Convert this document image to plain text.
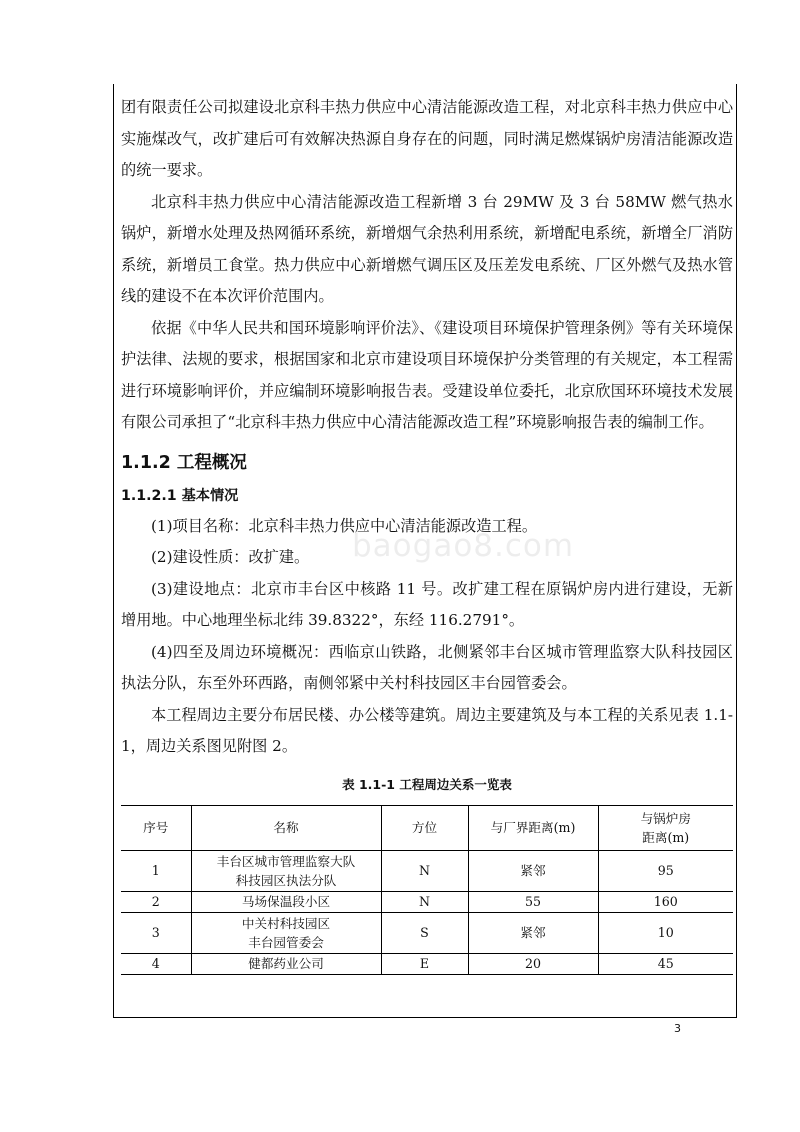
baogao8.com

团有限责任公司拟建设北京科丰热力供应中心清洁能源改造工程，对北京科丰热力供应中心实施煤改气，改扩建后可有效解决热源自身存在的问题，同时满足燃煤锅炉房清洁能源改造的统一要求。

北京科丰热力供应中心清洁能源改造工程新增 3 台 29MW 及 3 台 58MW 燃气热水锅炉，新增水处理及热网循环系统，新增烟气余热利用系统，新增配电系统，新增全厂消防系统，新增员工食堂。热力供应中心新增燃气调压区及压差发电系统、厂区外燃气及热水管线的建设不在本次评价范围内。

依据《中华人民共和国环境影响评价法》、《建设项目环境保护管理条例》等有关环境保护法律、法规的要求，根据国家和北京市建设项目环境保护分类管理的有关规定，本工程需进行环境影响评价，并应编制环境影响报告表。受建设单位委托，北京欣国环环境技术发展有限公司承担了“北京科丰热力供应中心清洁能源改造工程”环境影响报告表的编制工作。

1.1.2 工程概况
1.1.2.1 基本情况

(1)项目名称：北京科丰热力供应中心清洁能源改造工程。

(2)建设性质：改扩建。

(3)建设地点：北京市丰台区中核路 11 号。改扩建工程在原锅炉房内进行建设，无新增用地。中心地理坐标北纬 39.8322°，东经 116.2791°。

(4)四至及周边环境概况：西临京山铁路，北侧紧邻丰台区城市管理监察大队科技园区执法分队，东至外环西路，南侧邻紧中关村科技园区丰台园管委会。

本工程周边主要分布居民楼、办公楼等建筑。周边主要建筑及与本工程的关系见表 1.1-1，周边关系图见附图 2。

表 1.1-1 工程周边关系一览表
序号	名称	方位	与厂界距离(m)	与锅炉房
距离(m)
1	丰台区城市管理监察大队
科技园区执法分队	N	紧邻	95
2	马场保温段小区	N	55	160
3	中关村科技园区
丰台园管委会	S	紧邻	10
4	健都药业公司	E	20	45
3
